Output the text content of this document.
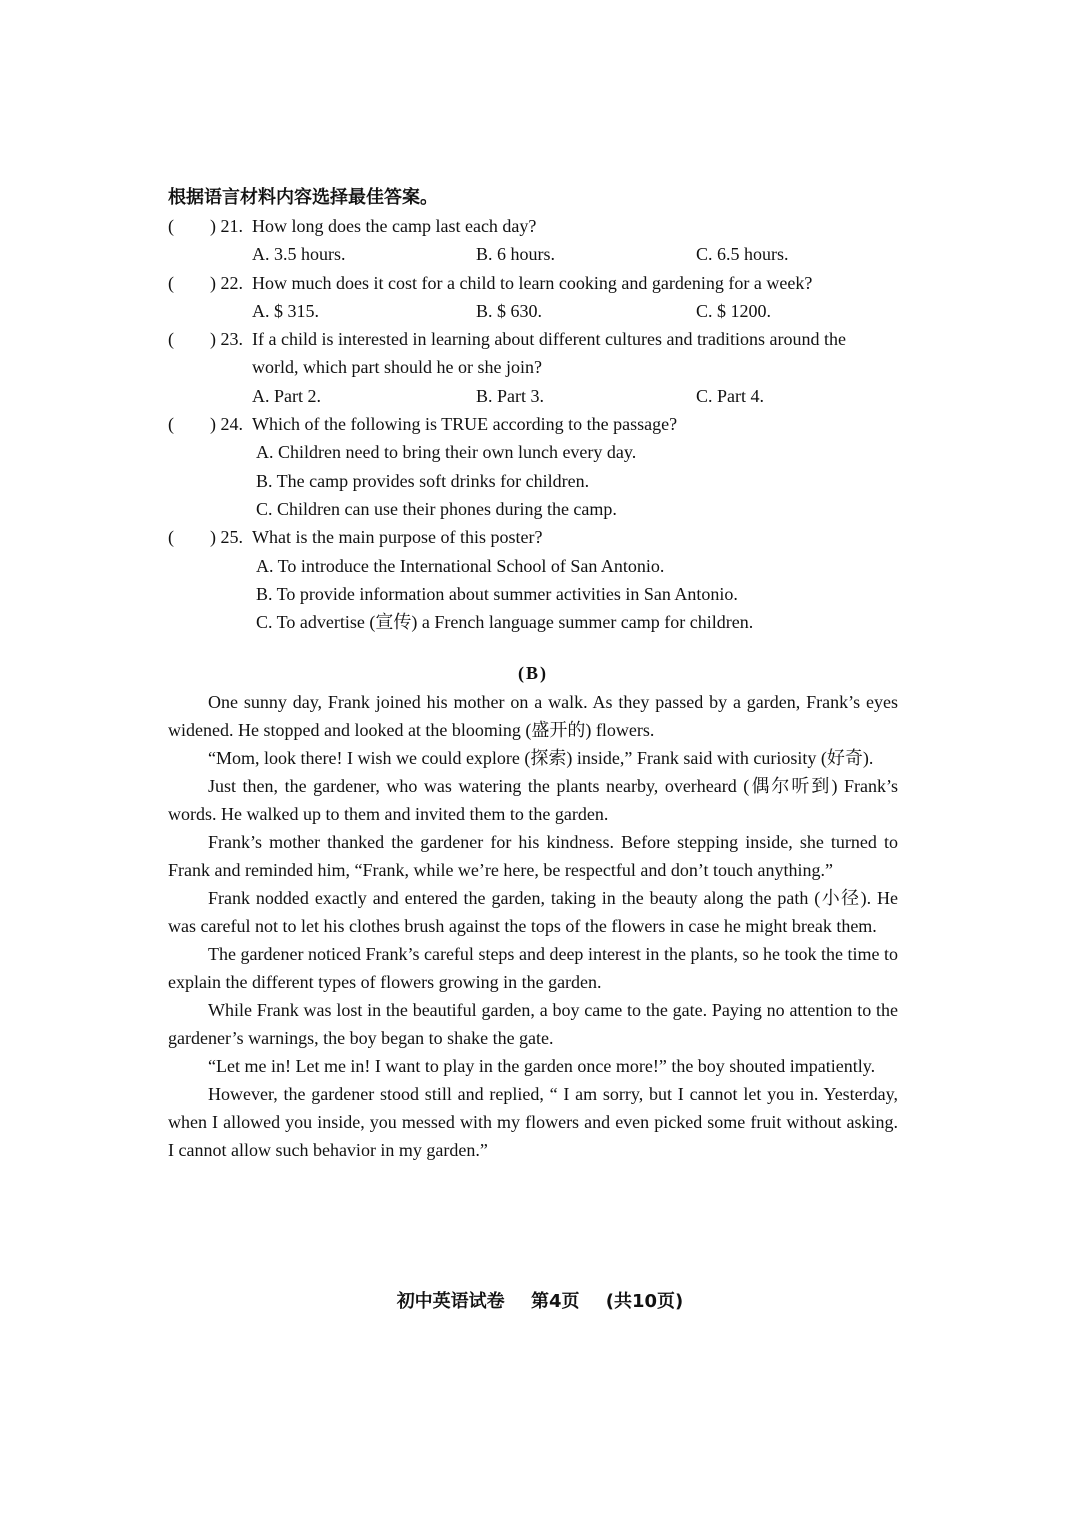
根据语言材料内容选择最佳答案。
( ) 21. How long does the camp last each day?
A. 3.5 hours.	B. 6 hours.	C. 6.5 hours.
( ) 22. How much does it cost for a child to learn cooking and gardening for a week?
A. $ 315.	B. $ 630.	C. $ 1200.
( ) 23. If a child is interested in learning about different cultures and traditions around the
world, which part should he or she join?
A. Part 2.	B. Part 3.	C. Part 4.
( ) 24. Which of the following is TRUE according to the passage?
A. Children need to bring their own lunch every day.
B. The camp provides soft drinks for children.
C. Children can use their phones during the camp.
( ) 25. What is the main purpose of this poster?
A. To introduce the International School of San Antonio.
B. To provide information about summer activities in San Antonio.
C. To advertise (宣传) a French language summer camp for children.
(B)

One sunny day, Frank joined his mother on a walk. As they passed by a garden, Frank’s eyes widened. He stopped and looked at the blooming (盛开的) flowers.

“Mom, look there! I wish we could explore (探索) inside,” Frank said with curiosity (好奇).

Just then, the gardener, who was watering the plants nearby, overheard (偶尔听到) Frank’s words. He walked up to them and invited them to the garden.

Frank’s mother thanked the gardener for his kindness. Before stepping inside, she turned to Frank and reminded him, “Frank, while we’re here, be respectful and don’t touch anything.”

Frank nodded exactly and entered the garden, taking in the beauty along the path (小径). He was careful not to let his clothes brush against the tops of the flowers in case he might break them.

The gardener noticed Frank’s careful steps and deep interest in the plants, so he took the time to explain the different types of flowers growing in the garden.

While Frank was lost in the beautiful garden, a boy came to the gate. Paying no attention to the gardener’s warnings, the boy began to shake the gate.

“Let me in! Let me in! I want to play in the garden once more!” the boy shouted impatiently.

However, the gardener stood still and replied, “ I am sorry, but I cannot let you in. Yesterday, when I allowed you inside, you messed with my flowers and even picked some fruit without asking. I cannot allow such behavior in my garden.”

初中英语试卷 第4页 (共10页)
